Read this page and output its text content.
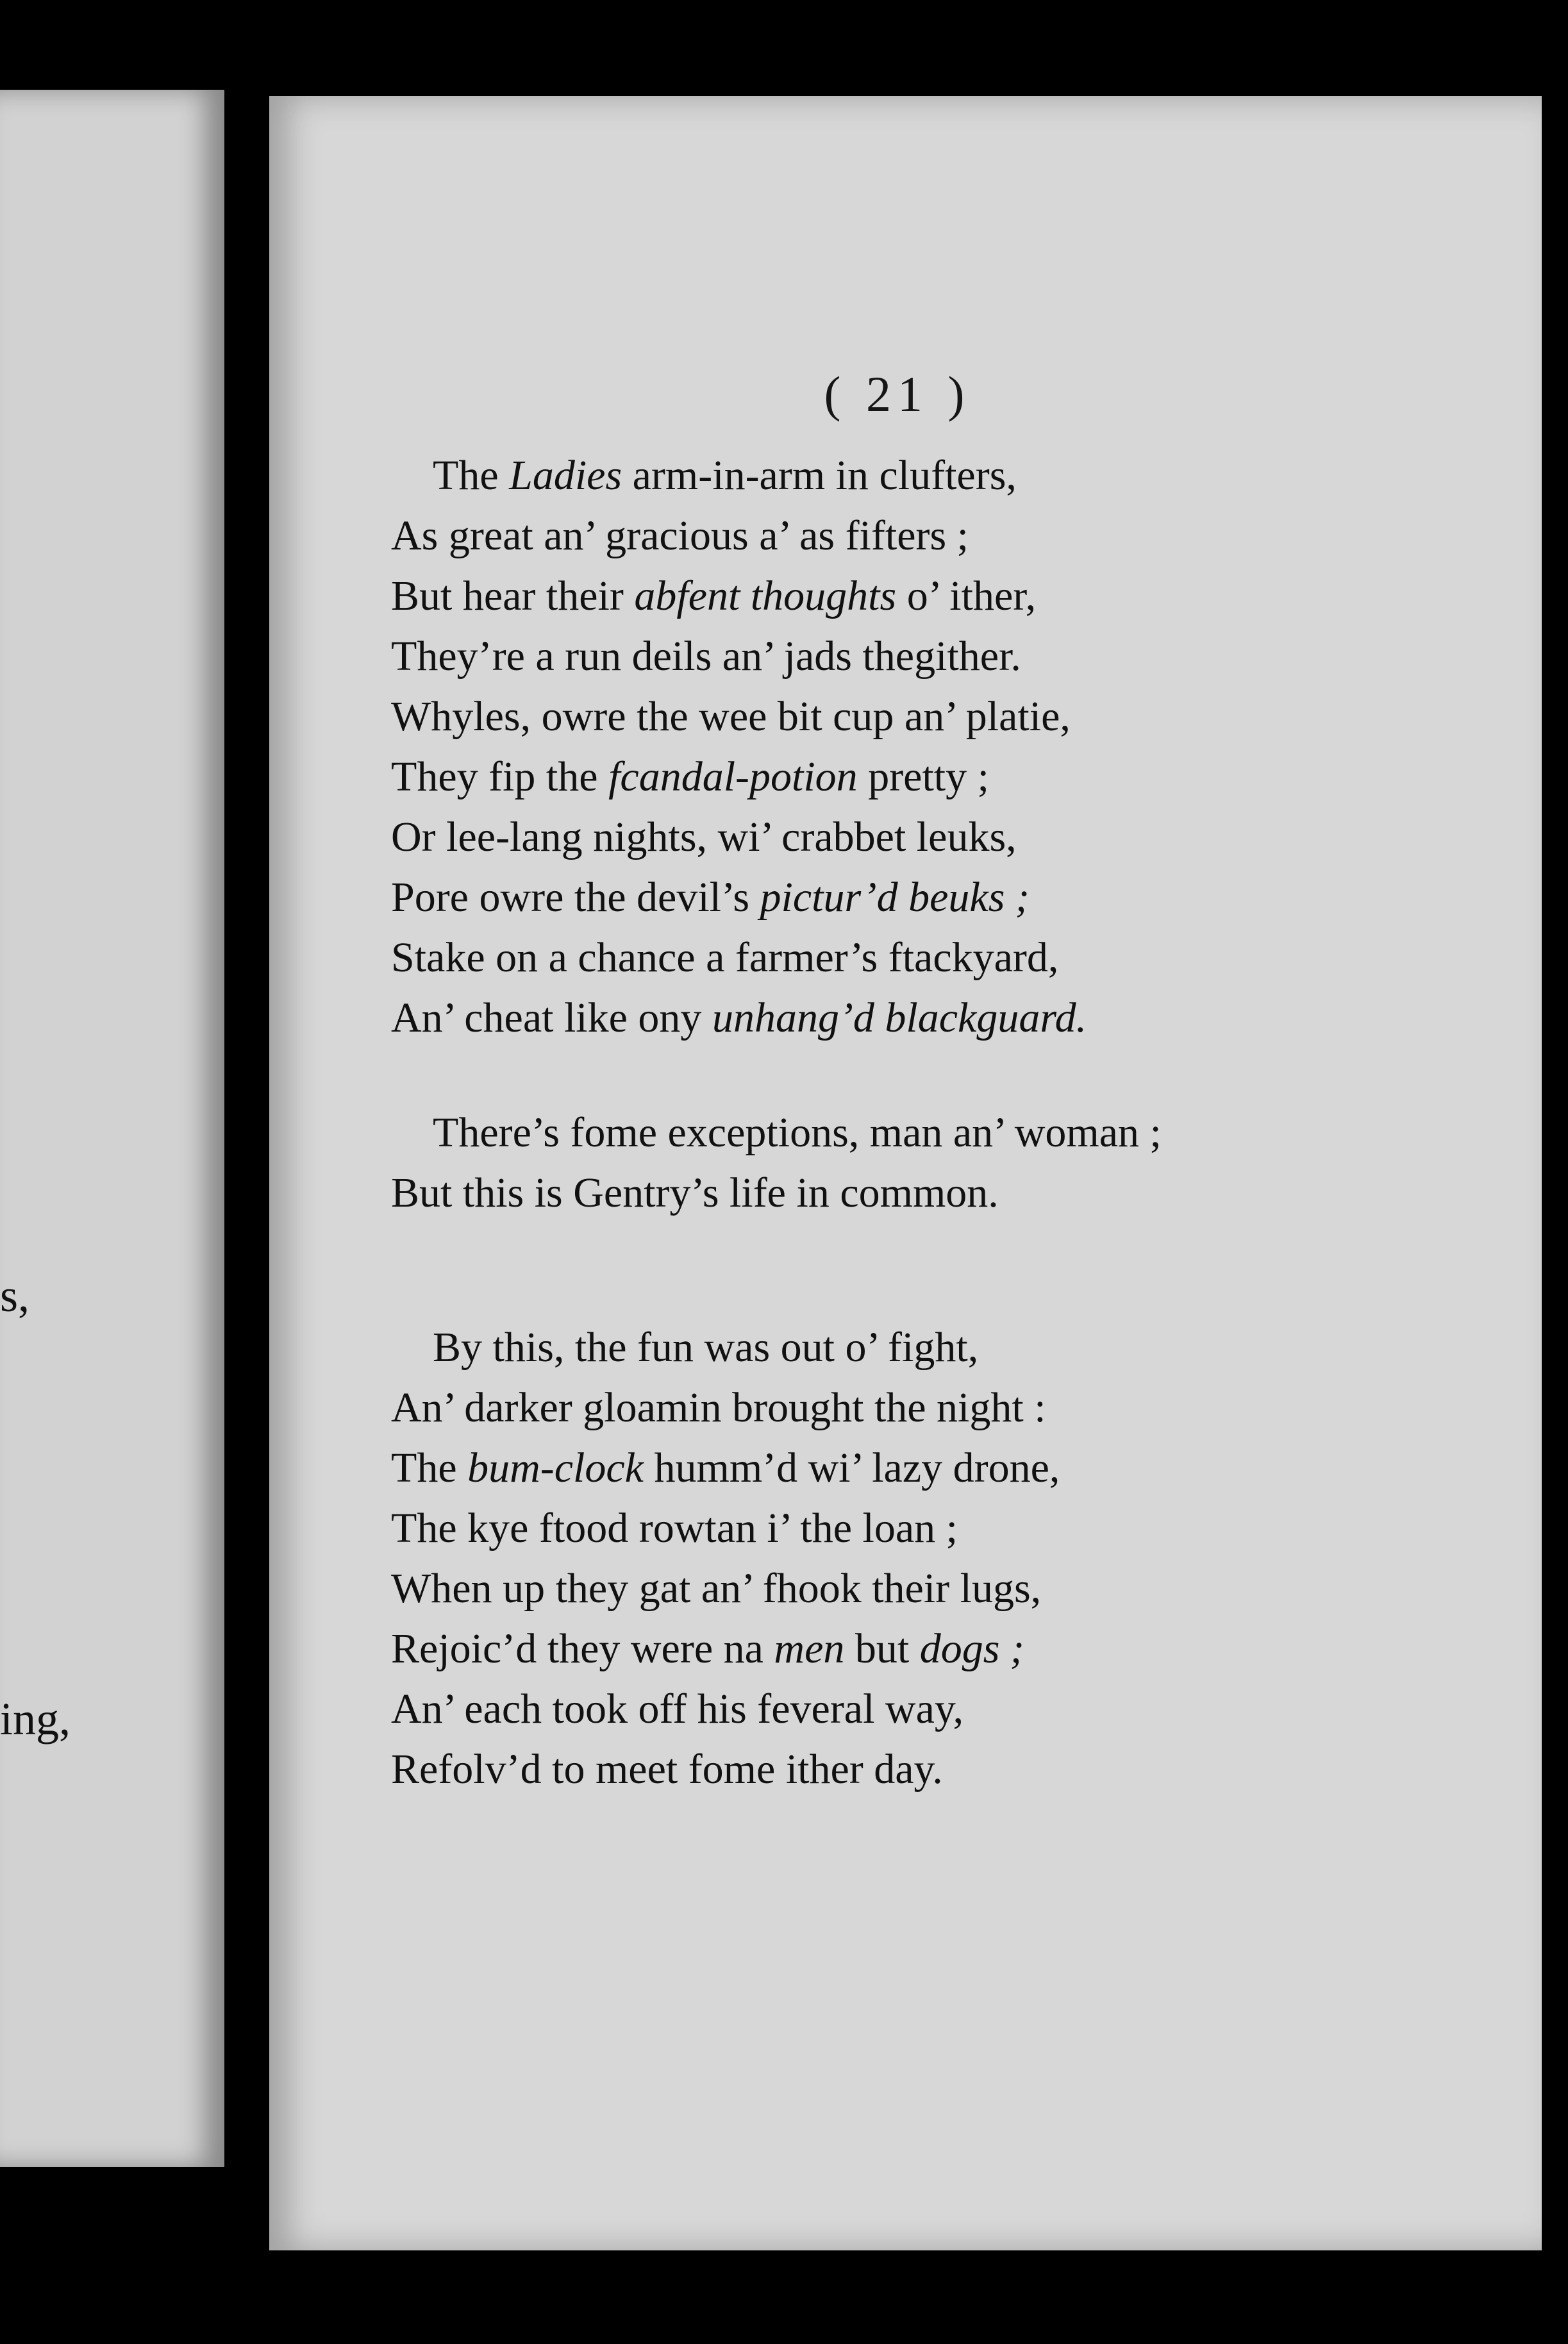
s,
ing,
( 21 )
The Ladies arm-in-arm in clufters,
As great an’ gracious a’ as fifters ;
But hear their abfent thoughts o’ ither,
They’re a run deils an’ jads thegither.
Whyles, owre the wee bit cup an’ platie,
They fip the fcandal-potion pretty ;
Or lee-lang nights, wi’ crabbet leuks,
Pore owre the devil’s pictur’d beuks ;
Stake on a chance a farmer’s ftackyard,
An’ cheat like ony unhang’d blackguard.
There’s fome exceptions, man an’ woman ;
But this is Gentry’s life in common.
By this, the fun was out o’ fight,
An’ darker gloamin brought the night :
The bum-clock humm’d wi’ lazy drone,
The kye ftood rowtan i’ the loan ;
When up they gat an’ fhook their lugs,
Rejoic’d they were na men but dogs ;
An’ each took off his feveral way,
Refolv’d to meet fome ither day.
